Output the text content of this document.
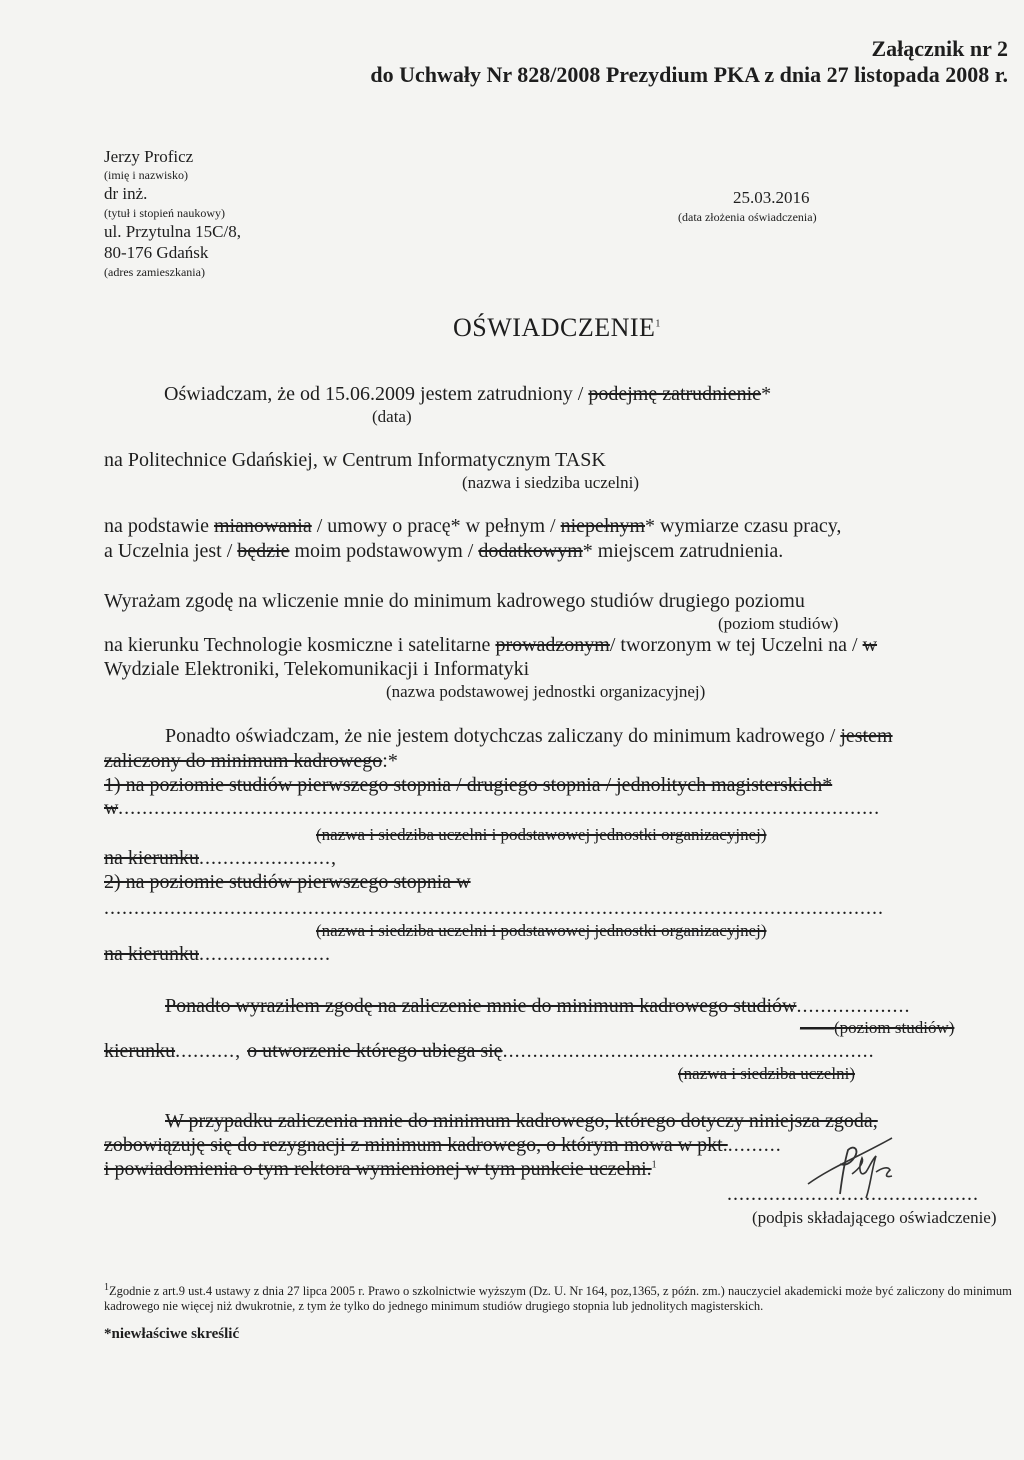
Załącznik nr 2
do Uchwały Nr 828/2008 Prezydium PKA z dnia 27 listopada 2008 r.
Jerzy Proficz
(imię i nazwisko)
dr inż.
(tytuł i stopień naukowy)
ul. Przytulna 15C/8,
80-176 Gdańsk
(adres zamieszkania)
25.03.2016
(data złożenia oświadczenia)
OŚWIADCZENIE$^1$
Oświadczam, że od 15.06.2009 jestem zatrudniony / podejmę zatrudnienie*
(data)
na Politechnice Gdańskiej, w Centrum Informatycznym TASK
(nazwa i siedziba uczelni)
na podstawie mianowania / umowy o pracę* w pełnym / niepełnym* wymiarze czasu pracy,
a Uczelnia jest / będzie moim podstawowym / dodatkowym* miejscem zatrudnienia.
Wyrażam zgodę na wliczenie mnie do minimum kadrowego studiów drugiego poziomu
(poziom studiów)
na kierunku Technologie kosmiczne i satelitarne prowadzonym/ tworzonym w tej Uczelni na / w
Wydziale Elektroniki, Telekomunikacji i Informatyki
(nazwa podstawowej jednostki organizacyjnej)
Ponadto oświadczam, że nie jestem dotychczas zaliczany do minimum kadrowego / jestem
zaliczony do minimum kadrowego:*
1) na poziomie studiów pierwszego stopnia / drugiego stopnia / jednolitych magisterskich*
w...............................................................................................................................
(nazwa i siedziba uczelni i podstawowej jednostki organizacyjnej)
na kierunku......................,
2) na poziomie studiów pierwszego stopnia w
..................................................................................................................................
(nazwa i siedziba uczelni i podstawowej jednostki organizacyjnej)
na kierunku......................
Ponadto wyraziłem zgodę na zaliczenie mnie do minimum kadrowego studiów...................
——(poziom studiów)
kierunku.........., o utworzenie którego ubiega się..............................................................
(nazwa i siedziba uczelni)
W przypadku zaliczenia mnie do minimum kadrowego, którego dotyczy niniejsza zgoda,
zobowiązuję się do rezygnacji z minimum kadrowego, o którym mowa w pkt..........
i powiadomienia o tym rektora wymienionej w tym punkcie uczelni.$^1$
..........................................
(podpis składającego oświadczenie)
$^1$Zgodnie z art.9 ust.4 ustawy z dnia 27 lipca 2005 r. Prawo o szkolnictwie wyższym (Dz. U. Nr 164, poz,1365, z późn. zm.) nauczyciel akademicki może być zaliczony do minimum kadrowego nie więcej niż dwukrotnie, z tym że tylko do jednego minimum studiów drugiego stopnia lub jednolitych magisterskich.
*niewłaściwe skreślić
